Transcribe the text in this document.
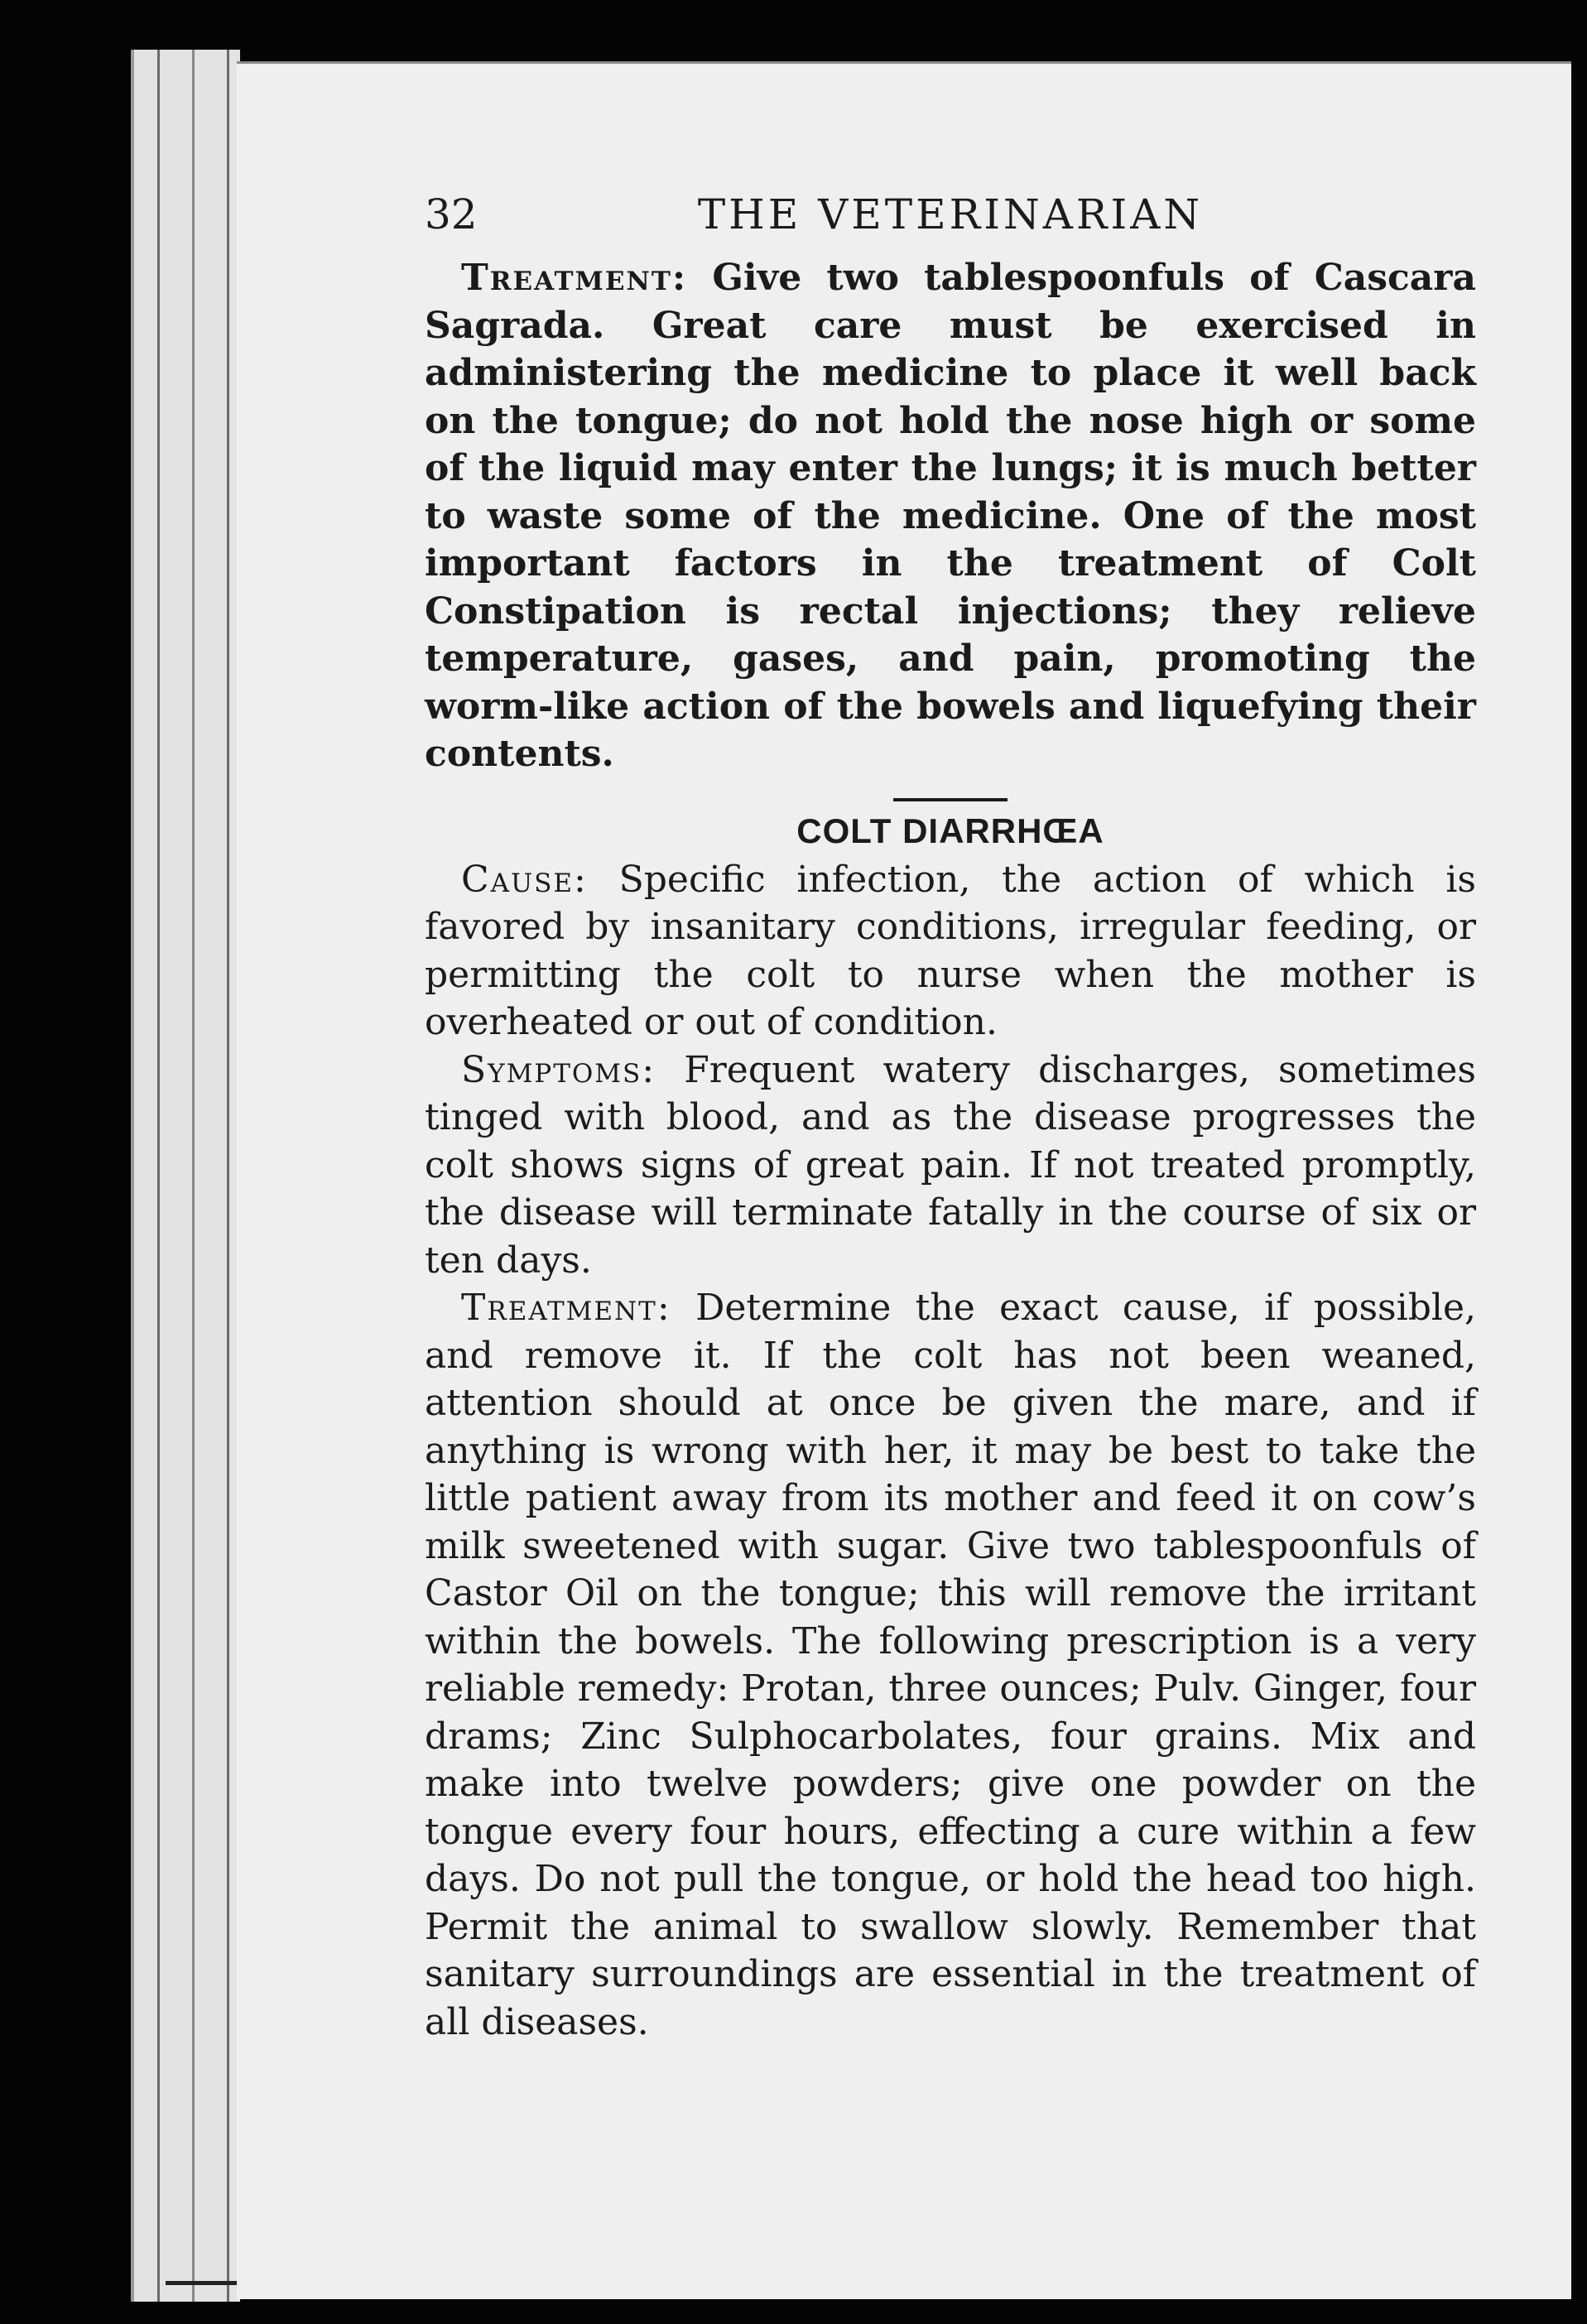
32	THE VETERINARIAN

Treatment: Give two tablespoonfuls of Cascara Sagrada. Great care must be exercised in administering the medicine to place it well back on the tongue; do not hold the nose high or some of the liquid may enter the lungs; it is much better to waste some of the medicine. One of the most important factors in the treatment of Colt Constipation is rectal injections; they relieve temperature, gases, and pain, promoting the worm-like action of the bowels and liquefying their contents.

COLT DIARRHŒA

Cause: Specific infection, the action of which is favored by insanitary conditions, irregular feeding, or permitting the colt to nurse when the mother is overheated or out of condition.

Symptoms: Frequent watery discharges, sometimes tinged with blood, and as the disease progresses the colt shows signs of great pain. If not treated promptly, the disease will terminate fatally in the course of six or ten days.

Treatment: Determine the exact cause, if possible, and remove it. If the colt has not been weaned, attention should at once be given the mare, and if anything is wrong with her, it may be best to take the little patient away from its mother and feed it on cow’s milk sweetened with sugar. Give two tablespoonfuls of Castor Oil on the tongue; this will remove the irritant within the bowels. The following prescription is a very reliable remedy: Protan, three ounces; Pulv. Ginger, four drams; Zinc Sulphocarbolates, four grains. Mix and make into twelve powders; give one powder on the tongue every four hours, effecting a cure within a few days. Do not pull the tongue, or hold the head too high. Permit the animal to swallow slowly. Remember that sanitary surroundings are essential in the treatment of all diseases.
